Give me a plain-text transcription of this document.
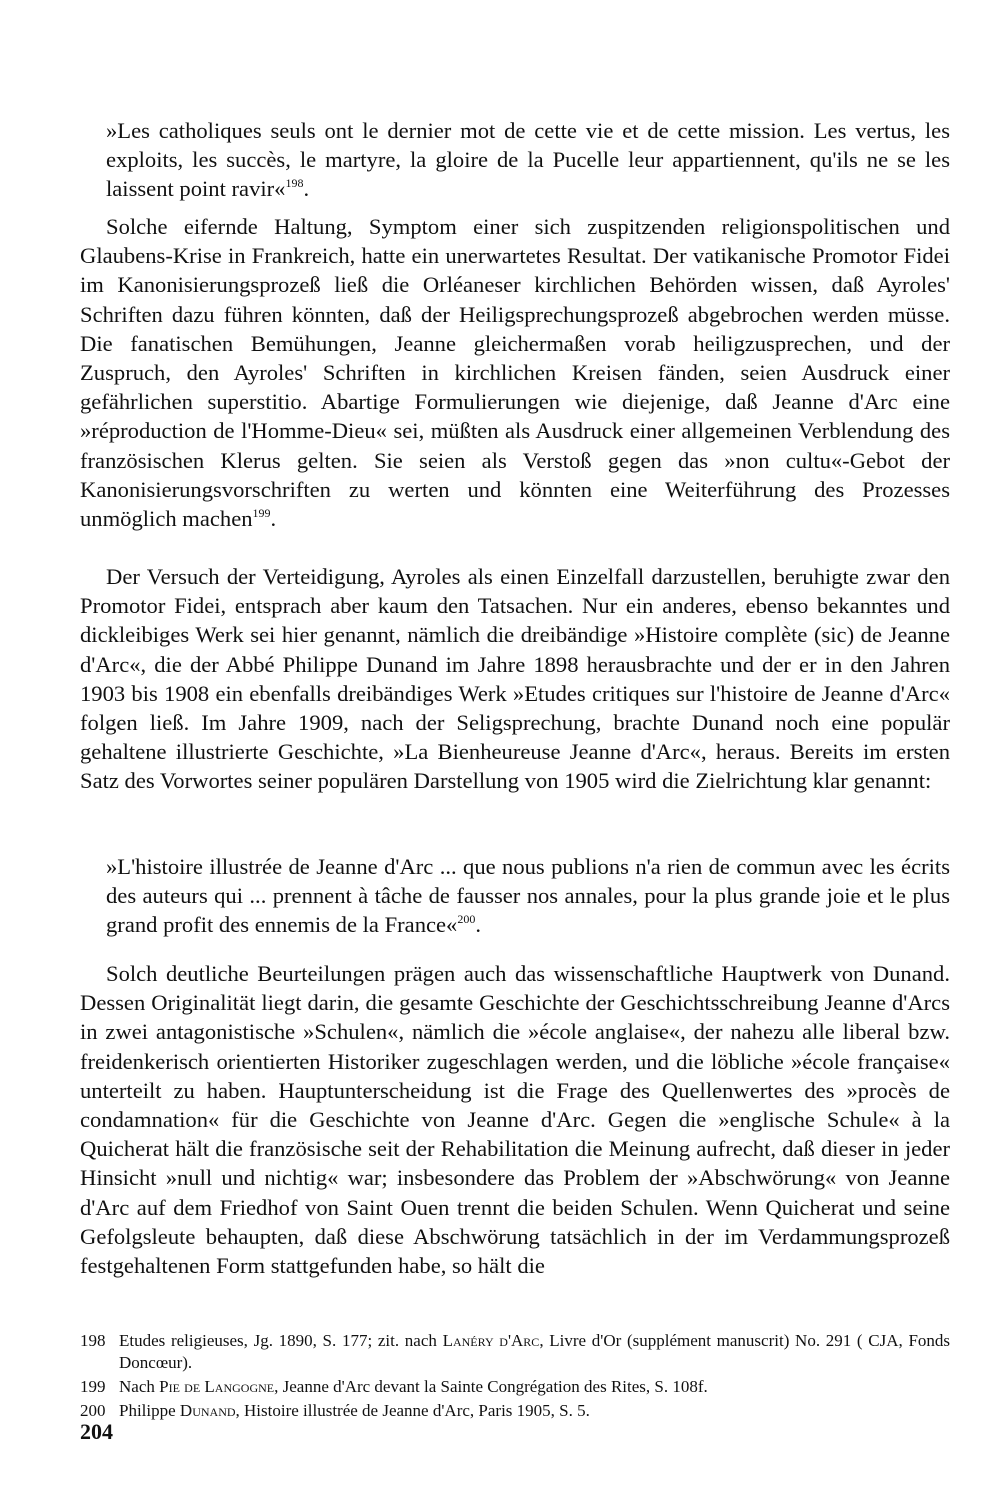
»Les catholiques seuls ont le dernier mot de cette vie et de cette mission. Les vertus, les exploits, les succès, le martyre, la gloire de la Pucelle leur appartiennent, qu'ils ne se les laissent point ravir«$^{198}$.

Solche eifernde Haltung, Symptom einer sich zuspitzenden religionspolitischen und Glaubens-Krise in Frankreich, hatte ein unerwartetes Resultat. Der vatikanische Promotor Fidei im Kanonisierungsprozeß ließ die Orléaneser kirchlichen Behörden wissen, daß Ayroles' Schriften dazu führen könnten, daß der Heiligsprechungsprozeß abgebrochen werden müsse. Die fanatischen Bemühungen, Jeanne gleichermaßen vorab heiligzusprechen, und der Zuspruch, den Ayroles' Schriften in kirchlichen Kreisen fänden, seien Ausdruck einer gefährlichen superstitio. Abartige Formulierungen wie diejenige, daß Jeanne d'Arc eine »réproduction de l'Homme-Dieu« sei, müßten als Ausdruck einer allgemeinen Verblendung des französischen Klerus gelten. Sie seien als Verstoß gegen das »non cultu«-Gebot der Kanonisierungsvorschriften zu werten und könnten eine Weiterführung des Prozesses unmöglich machen$^{199}$.

Der Versuch der Verteidigung, Ayroles als einen Einzelfall darzustellen, beruhigte zwar den Promotor Fidei, entsprach aber kaum den Tatsachen. Nur ein anderes, ebenso bekanntes und dickleibiges Werk sei hier genannt, nämlich die dreibändige »Histoire complète (sic) de Jeanne d'Arc«, die der Abbé Philippe Dunand im Jahre 1898 herausbrachte und der er in den Jahren 1903 bis 1908 ein ebenfalls dreibändiges Werk »Etudes critiques sur l'histoire de Jeanne d'Arc« folgen ließ. Im Jahre 1909, nach der Seligsprechung, brachte Dunand noch eine populär gehaltene illustrierte Geschichte, »La Bienheureuse Jeanne d'Arc«, heraus. Bereits im ersten Satz des Vorwortes seiner populären Darstellung von 1905 wird die Zielrichtung klar genannt:

»L'histoire illustrée de Jeanne d'Arc ... que nous publions n'a rien de commun avec les écrits des auteurs qui ... prennent à tâche de fausser nos annales, pour la plus grande joie et le plus grand profit des ennemis de la France«$^{200}$.

Solch deutliche Beurteilungen prägen auch das wissenschaftliche Hauptwerk von Dunand. Dessen Originalität liegt darin, die gesamte Geschichte der Geschichtsschreibung Jeanne d'Arcs in zwei antagonistische »Schulen«, nämlich die »école anglaise«, der nahezu alle liberal bzw. freidenkerisch orientierten Historiker zugeschlagen werden, und die löbliche »école française« unterteilt zu haben. Hauptunterscheidung ist die Frage des Quellenwertes des »procès de condamnation« für die Geschichte von Jeanne d'Arc. Gegen die »englische Schule« à la Quicherat hält die französische seit der Rehabilitation die Meinung aufrecht, daß dieser in jeder Hinsicht »null und nichtig« war; insbesondere das Problem der »Abschwörung« von Jeanne d'Arc auf dem Friedhof von Saint Ouen trennt die beiden Schulen. Wenn Quicherat und seine Gefolgsleute behaupten, daß diese Abschwörung tatsächlich in der im Verdammungsprozeß festgehaltenen Form stattgefunden habe, so hält die

198 Etudes religieuses, Jg. 1890, S. 177; zit. nach Lanéry d'Arc, Livre d'Or (supplément manuscrit) No. 291 ( CJA, Fonds Doncœur).

199 Nach Pie de Langogne, Jeanne d'Arc devant la Sainte Congrégation des Rites, S. 108f.

200 Philippe Dunand, Histoire illustrée de Jeanne d'Arc, Paris 1905, S. 5.

204
